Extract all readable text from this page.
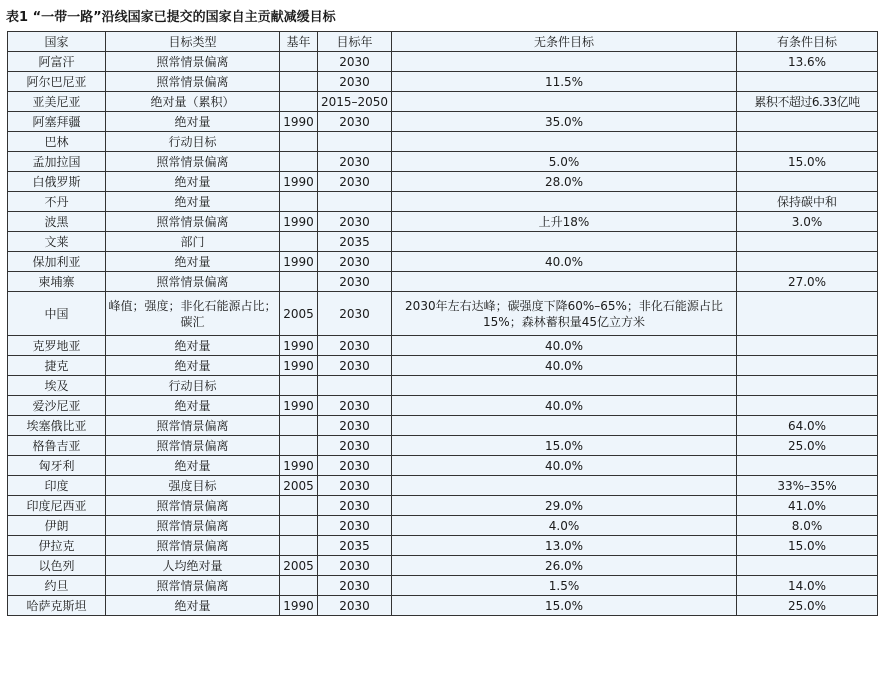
表1 “一带一路”沿线国家已提交的国家自主贡献减缓目标
国家	目标类型	基年	目标年	无条件目标	有条件目标
阿富汗	照常情景偏离		2030		13.6%
阿尔巴尼亚	照常情景偏离		2030	11.5%	
亚美尼亚	绝对量（累积）		2015–2050		累积不超过6.33亿吨
阿塞拜疆	绝对量	1990	2030	35.0%	
巴林	行动目标				
孟加拉国	照常情景偏离		2030	5.0%	15.0%
白俄罗斯	绝对量	1990	2030	28.0%	
不丹	绝对量				保持碳中和
波黑	照常情景偏离	1990	2030	上升18%	3.0%
文莱	部门		2035		
保加利亚	绝对量	1990	2030	40.0%	
柬埔寨	照常情景偏离		2030		27.0%
中国	峰值；强度；非化石能源占比；碳汇	2005	2030	2030年左右达峰；碳强度下降60%–65%；非化石能源占比15%；森林蓄积量45亿立方米	
克罗地亚	绝对量	1990	2030	40.0%	
捷克	绝对量	1990	2030	40.0%	
埃及	行动目标				
爱沙尼亚	绝对量	1990	2030	40.0%	
埃塞俄比亚	照常情景偏离		2030		64.0%
格鲁吉亚	照常情景偏离		2030	15.0%	25.0%
匈牙利	绝对量	1990	2030	40.0%	
印度	强度目标	2005	2030		33%–35%
印度尼西亚	照常情景偏离		2030	29.0%	41.0%
伊朗	照常情景偏离		2030	4.0%	8.0%
伊拉克	照常情景偏离		2035	13.0%	15.0%
以色列	人均绝对量	2005	2030	26.0%	
约旦	照常情景偏离		2030	1.5%	14.0%
哈萨克斯坦	绝对量	1990	2030	15.0%	25.0%
